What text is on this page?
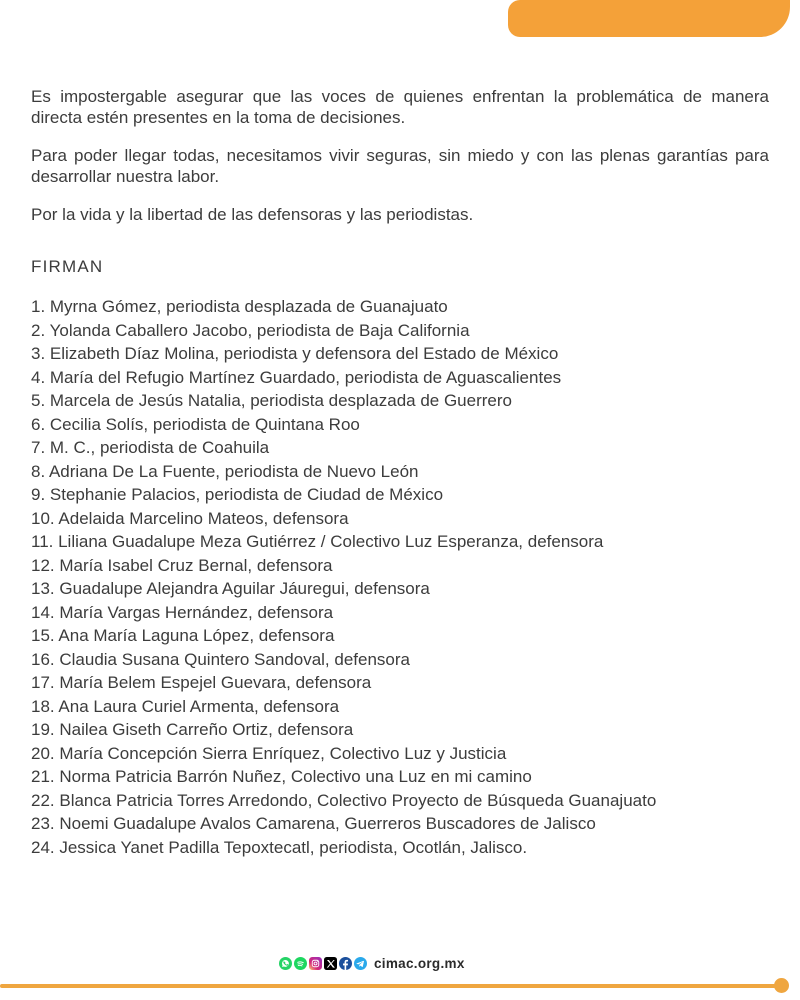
Es impostergable asegurar que las voces de quienes enfrentan la problemática de manera directa estén presentes en la toma de decisiones.

Para poder llegar todas, necesitamos vivir seguras, sin miedo y con las plenas garantías para desarrollar nuestra labor.

Por la vida y la libertad de las defensoras y las periodistas.

FIRMAN
1. Myrna Gómez, periodista desplazada de Guanajuato
2. Yolanda Caballero Jacobo, periodista de Baja California
3. Elizabeth Díaz Molina, periodista y defensora del Estado de México
4. María del Refugio Martínez Guardado, periodista de Aguascalientes
5. Marcela de Jesús Natalia, periodista desplazada de Guerrero
6. Cecilia Solís, periodista de Quintana Roo
7. M. C., periodista de Coahuila
8. Adriana De La Fuente, periodista de Nuevo León
9. Stephanie Palacios, periodista de Ciudad de México
10. Adelaida Marcelino Mateos, defensora
11. Liliana Guadalupe Meza Gutiérrez / Colectivo Luz Esperanza, defensora
12. María Isabel Cruz Bernal, defensora
13. Guadalupe Alejandra Aguilar Jáuregui, defensora
14. María Vargas Hernández, defensora
15. Ana María Laguna López, defensora
16. Claudia Susana Quintero Sandoval, defensora
17. María Belem Espejel Guevara, defensora
18. Ana Laura Curiel Armenta, defensora
19. Nailea Giseth Carreño Ortiz, defensora
20. María Concepción Sierra Enríquez, Colectivo Luz y Justicia
21. Norma Patricia Barrón Nuñez, Colectivo una Luz en mi camino
22. Blanca Patricia Torres Arredondo, Colectivo Proyecto de Búsqueda Guanajuato
23. Noemi Guadalupe Avalos Camarena, Guerreros Buscadores de Jalisco
24. Jessica Yanet Padilla Tepoxtecatl, periodista, Ocotlán, Jalisco.
cimac.org.mx
